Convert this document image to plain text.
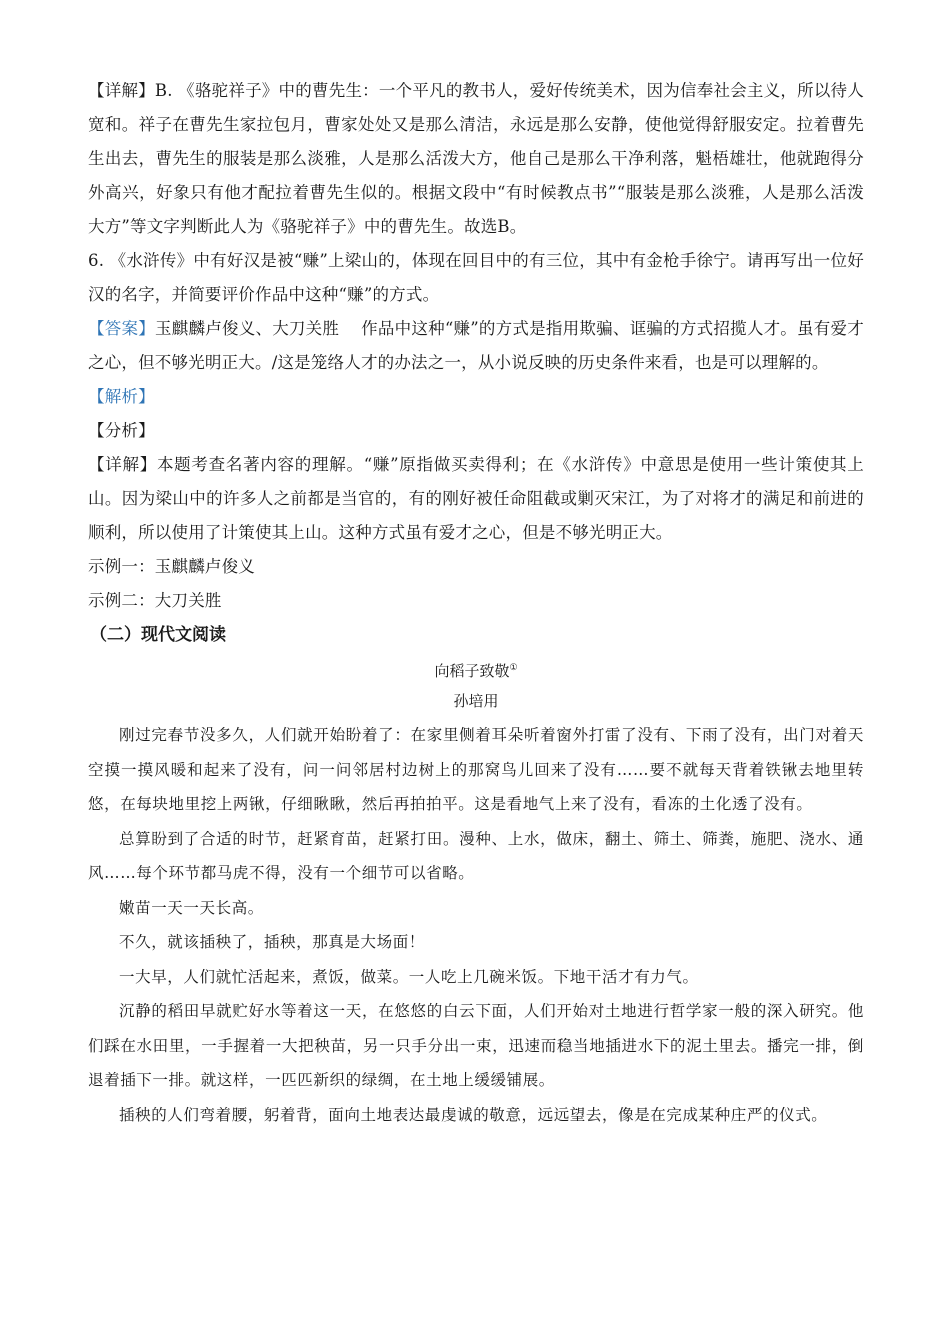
【详解】B. 《骆驼祥子》中的曹先生：一个平凡的教书人，爱好传统美术，因为信奉社会主义，所以待人宽和。祥子在曹先生家拉包月，曹家处处又是那么清洁，永远是那么安静，使他觉得舒服安定。拉着曹先生出去，曹先生的服装是那么淡雅，人是那么活泼大方，他自己是那么干净利落，魁梧雄壮，他就跑得分外高兴，好象只有他才配拉着曹先生似的。根据文段中“有时候教点书”“服装是那么淡雅，人是那么活泼大方”等文字判断此人为《骆驼祥子》中的曹先生。故选B。

6. 《水浒传》中有好汉是被“赚”上梁山的，体现在回目中的有三位，其中有金枪手徐宁。请再写出一位好汉的名字，并简要评价作品中这种“赚”的方式。

【答案】玉麒麟卢俊义、大刀关胜    作品中这种“赚”的方式是指用欺骗、诓骗的方式招揽人才。虽有爱才之心，但不够光明正大。/这是笼络人才的办法之一，从小说反映的历史条件来看，也是可以理解的。

【解析】

【分析】

【详解】本题考查名著内容的理解。“赚”原指做买卖得利；在《水浒传》中意思是使用一些计策使其上山。因为梁山中的许多人之前都是当官的，有的刚好被任命阻截或剿灭宋江，为了对将才的满足和前进的顺利，所以使用了计策使其上山。这种方式虽有爱才之心，但是不够光明正大。

示例一：玉麒麟卢俊义

示例二：大刀关胜

（二）现代文阅读

向稻子致敬①

孙培用

刚过完春节没多久，人们就开始盼着了：在家里侧着耳朵听着窗外打雷了没有、下雨了没有，出门对着天空摸一摸风暖和起来了没有，问一问邻居村边树上的那窝鸟儿回来了没有……要不就每天背着铁锹去地里转悠，在每块地里挖上两锹，仔细瞅瞅，然后再拍拍平。这是看地气上来了没有，看冻的土化透了没有。

总算盼到了合适的时节，赶紧育苗，赶紧打田。漫种、上水，做床，翻土、筛土、筛粪，施肥、浇水、通风……每个环节都马虎不得，没有一个细节可以省略。

嫩苗一天一天长高。

不久，就该插秧了，插秧，那真是大场面！

一大早，人们就忙活起来，煮饭，做菜。一人吃上几碗米饭。下地干活才有力气。

沉静的稻田早就贮好水等着这一天，在悠悠的白云下面，人们开始对土地进行哲学家一般的深入研究。他们踩在水田里，一手握着一大把秧苗，另一只手分出一束，迅速而稳当地插进水下的泥土里去。播完一排，倒退着插下一排。就这样，一匹匹新织的绿绸，在土地上缓缓铺展。

插秧的人们弯着腰，躬着背，面向土地表达最虔诚的敬意，远远望去，像是在完成某种庄严的仪式。
